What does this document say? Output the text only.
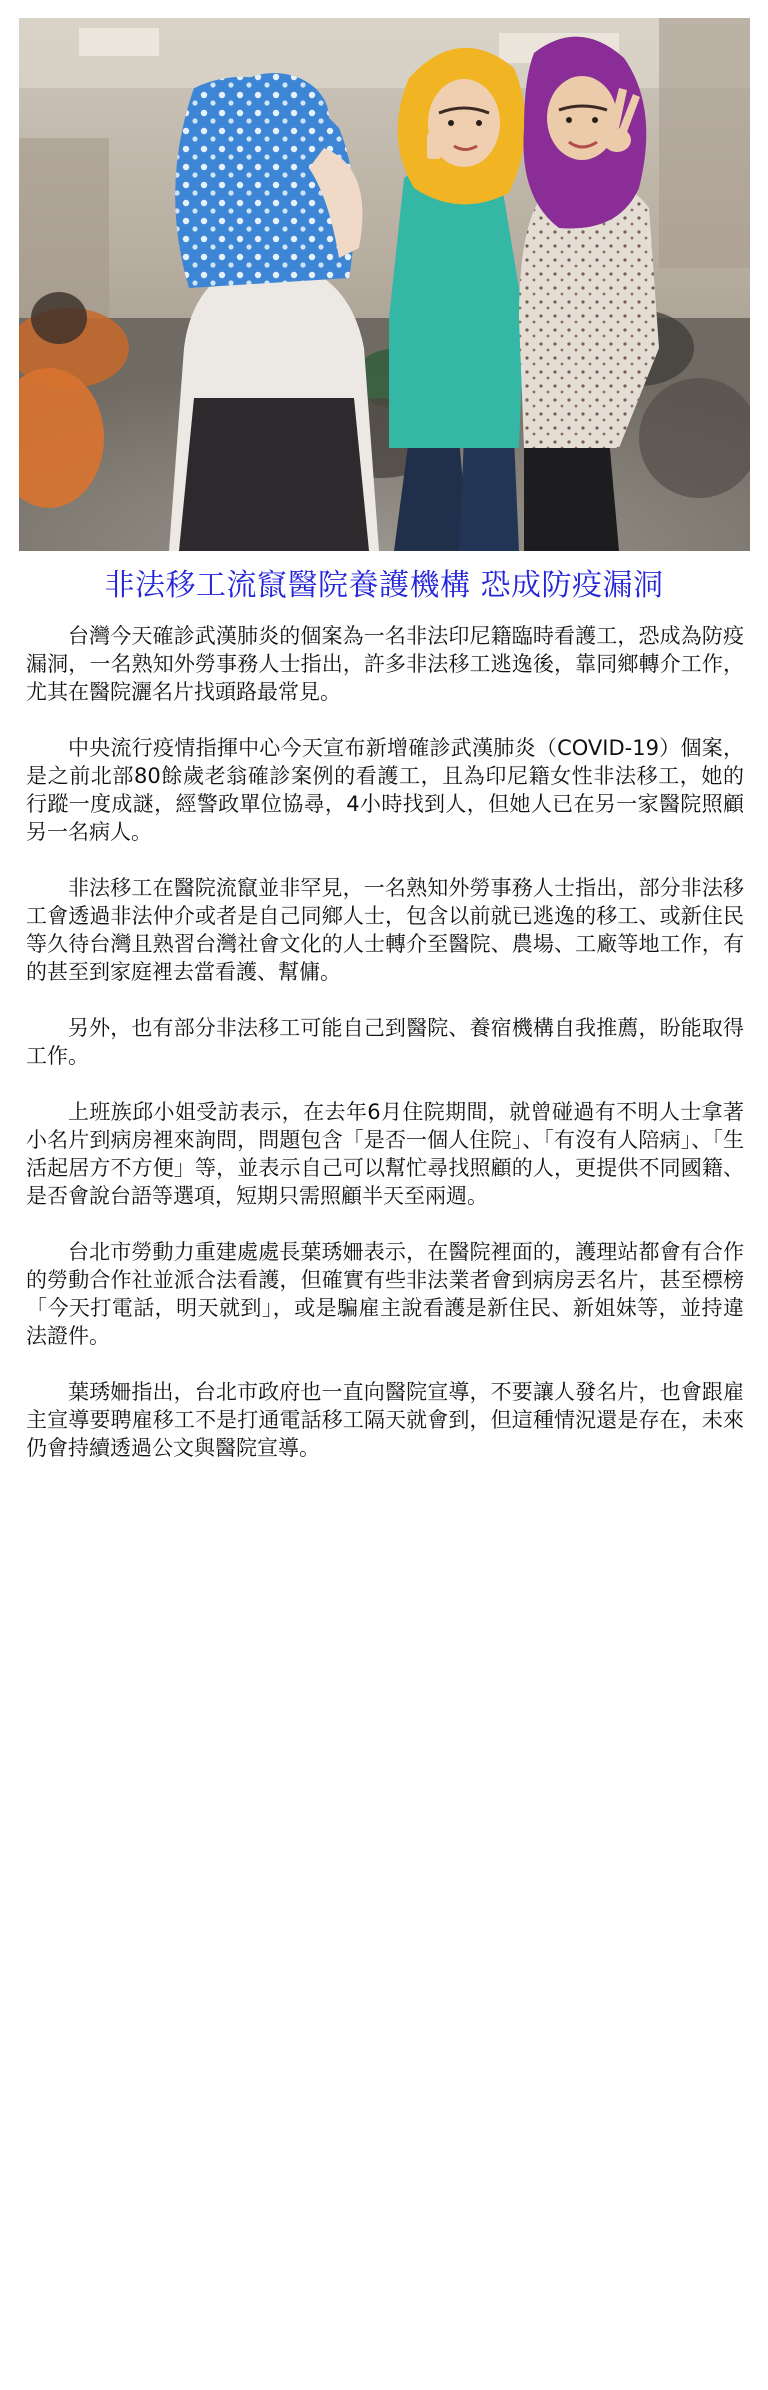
非法移工流竄醫院養護機構 恐成防疫漏洞

台灣今天確診武漢肺炎的個案為一名非法印尼籍臨時看護工，恐成為防疫漏洞，一名熟知外勞事務人士指出，許多非法移工逃逸後，靠同鄉轉介工作，尤其在醫院灑名片找頭路最常見。

中央流行疫情指揮中心今天宣布新增確診武漢肺炎（COVID-19）個案，是之前北部80餘歲老翁確診案例的看護工，且為印尼籍女性非法移工，她的行蹤一度成謎，經警政單位協尋，4小時找到人，但她人已在另一家醫院照顧另一名病人。

非法移工在醫院流竄並非罕見，一名熟知外勞事務人士指出，部分非法移工會透過非法仲介或者是自己同鄉人士，包含以前就已逃逸的移工、或新住民等久待台灣且熟習台灣社會文化的人士轉介至醫院、農場、工廠等地工作，有的甚至到家庭裡去當看護、幫傭。

另外，也有部分非法移工可能自己到醫院、養宿機構自我推薦，盼能取得工作。

上班族邱小姐受訪表示，在去年6月住院期間，就曾碰過有不明人士拿著小名片到病房裡來詢問，問題包含「是否一個人住院」、「有沒有人陪病」、「生活起居方不方便」等，並表示自己可以幫忙尋找照顧的人，更提供不同國籍、是否會說台語等選項，短期只需照顧半天至兩週。

台北市勞動力重建處處長葉琇姍表示，在醫院裡面的，護理站都會有合作的勞動合作社並派合法看護，但確實有些非法業者會到病房丟名片，甚至標榜「今天打電話，明天就到」，或是騙雇主說看護是新住民、新姐妹等，並持違法證件。

葉琇姍指出，台北市政府也一直向醫院宣導，不要讓人發名片，也會跟雇主宣導要聘雇移工不是打通電話移工隔天就會到，但這種情況還是存在，未來仍會持續透過公文與醫院宣導。
